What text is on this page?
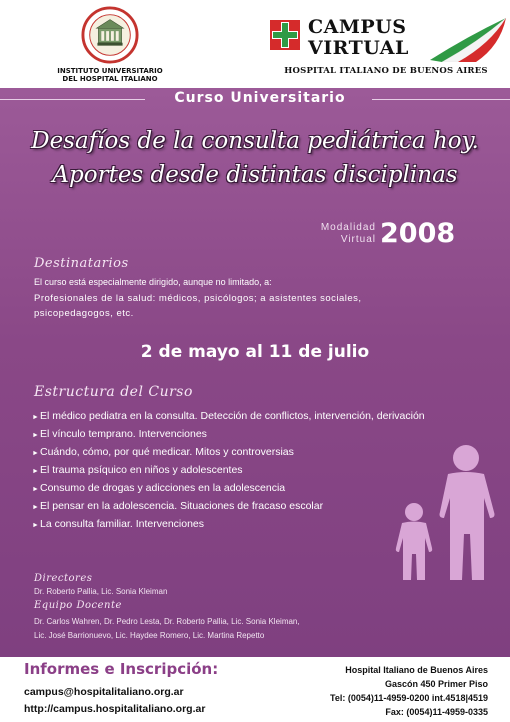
INSTITUTO UNIVERSITARIO
DEL HOSPITAL ITALIANO
CAMPUS
VIRTUAL
HOSPITAL ITALIANO DE BUENOS AIRES
Curso Universitario
Desafíos de la consulta pediátrica hoy.
Aportes desde distintas disciplinas
Modalidad
Virtual 2008
Destinatarios
El curso está especialmente dirigido, aunque no limitado, a:
Profesionales de la salud: médicos, psicólogos; a asistentes sociales,
psicopedagogos, etc.
2 de mayo al 11 de julio
Estructura del Curso
► El médico pediatra en la consulta. Detección de conflictos, intervención, derivación
► El vínculo temprano. Intervenciones
► Cuándo, cómo, por qué medicar. Mitos y controversias
► El trauma psíquico en niños y adolescentes
► Consumo de drogas y adicciones en la adolescencia
► El pensar en la adolescencia. Situaciones de fracaso escolar
► La consulta familiar. Intervenciones
Directores
Dr. Roberto Pallia, Lic. Sonia Kleiman
Equipo Docente
Dr. Carlos Wahren, Dr. Pedro Lesta, Dr. Roberto Pallia, Lic. Sonia Kleiman,
Lic. José Barrionuevo, Lic. Haydee Romero, Lic. Martina Repetto
Informes e Inscripción:
campus@hospitalitaliano.org.ar
http://campus.hospitalitaliano.org.ar
Hospital Italiano de Buenos Aires
Gascón 450 Primer Piso
Tel: (0054)11-4959-0200 int.4518|4519
Fax: (0054)11-4959-0335
